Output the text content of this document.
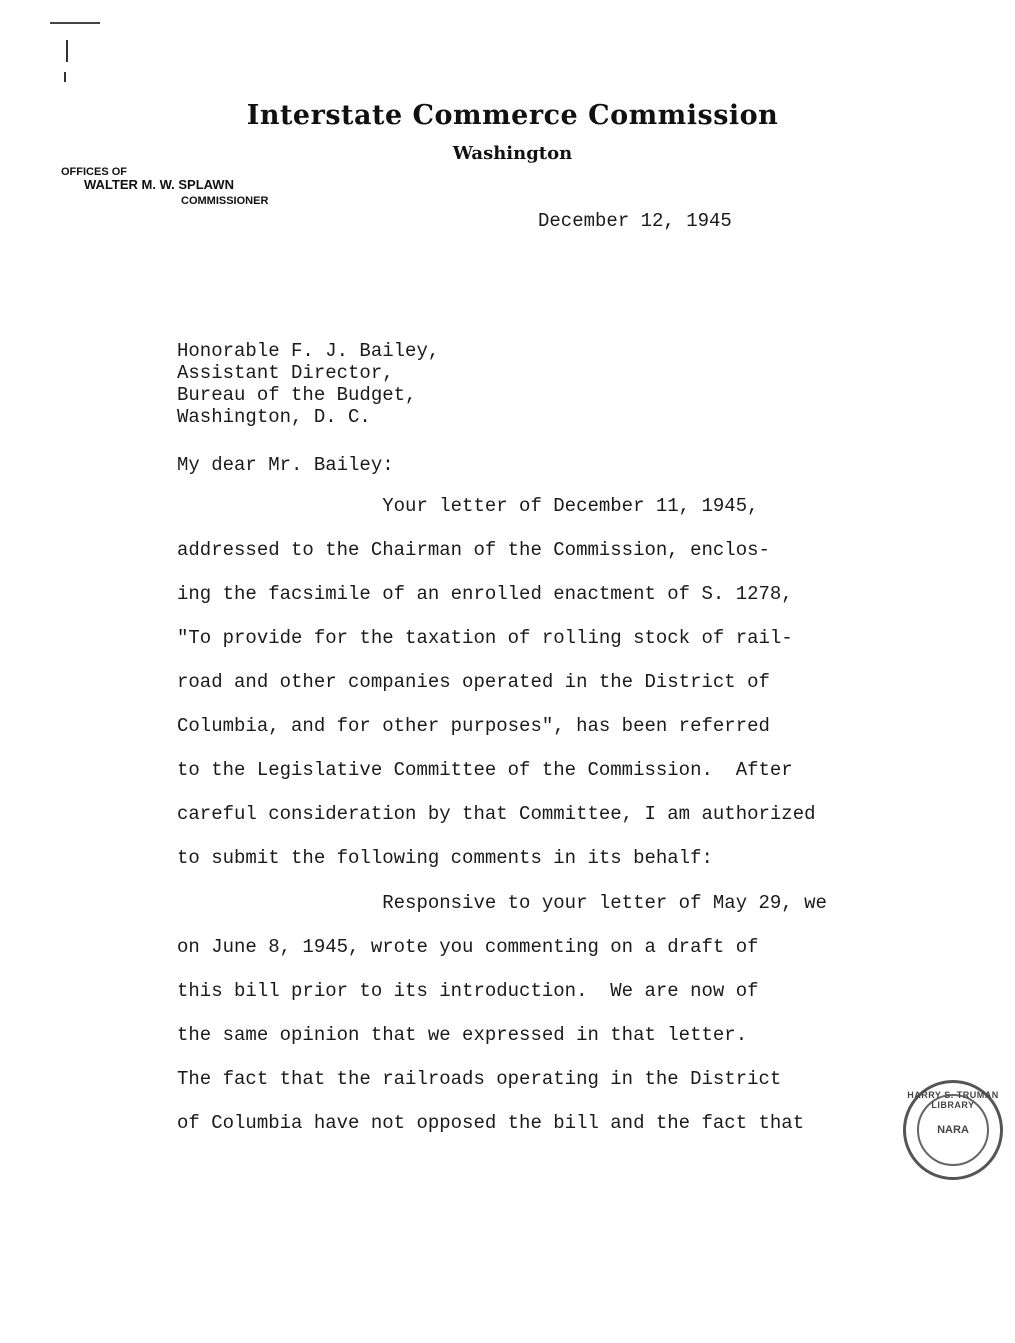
Interstate Commerce Commission
Washington
OFFICES OF
WALTER M. W. SPLAWN
COMMISSIONER
December 12, 1945
Honorable F. J. Bailey,
Assistant Director,
Bureau of the Budget,
Washington, D. C.
My dear Mr. Bailey:
Your letter of December 11, 1945,
addressed to the Chairman of the Commission, enclos-
ing the facsimile of an enrolled enactment of S. 1278,
"To provide for the taxation of rolling stock of rail-
road and other companies operated in the District of
Columbia, and for other purposes", has been referred
to the Legislative Committee of the Commission.  After
careful consideration by that Committee, I am authorized
to submit the following comments in its behalf:
Responsive to your letter of May 29, we
on June 8, 1945, wrote you commenting on a draft of
this bill prior to its introduction.  We are now of
the same opinion that we expressed in that letter.
The fact that the railroads operating in the District
of Columbia have not opposed the bill and the fact that
HARRY S. TRUMAN LIBRARY
NARA
